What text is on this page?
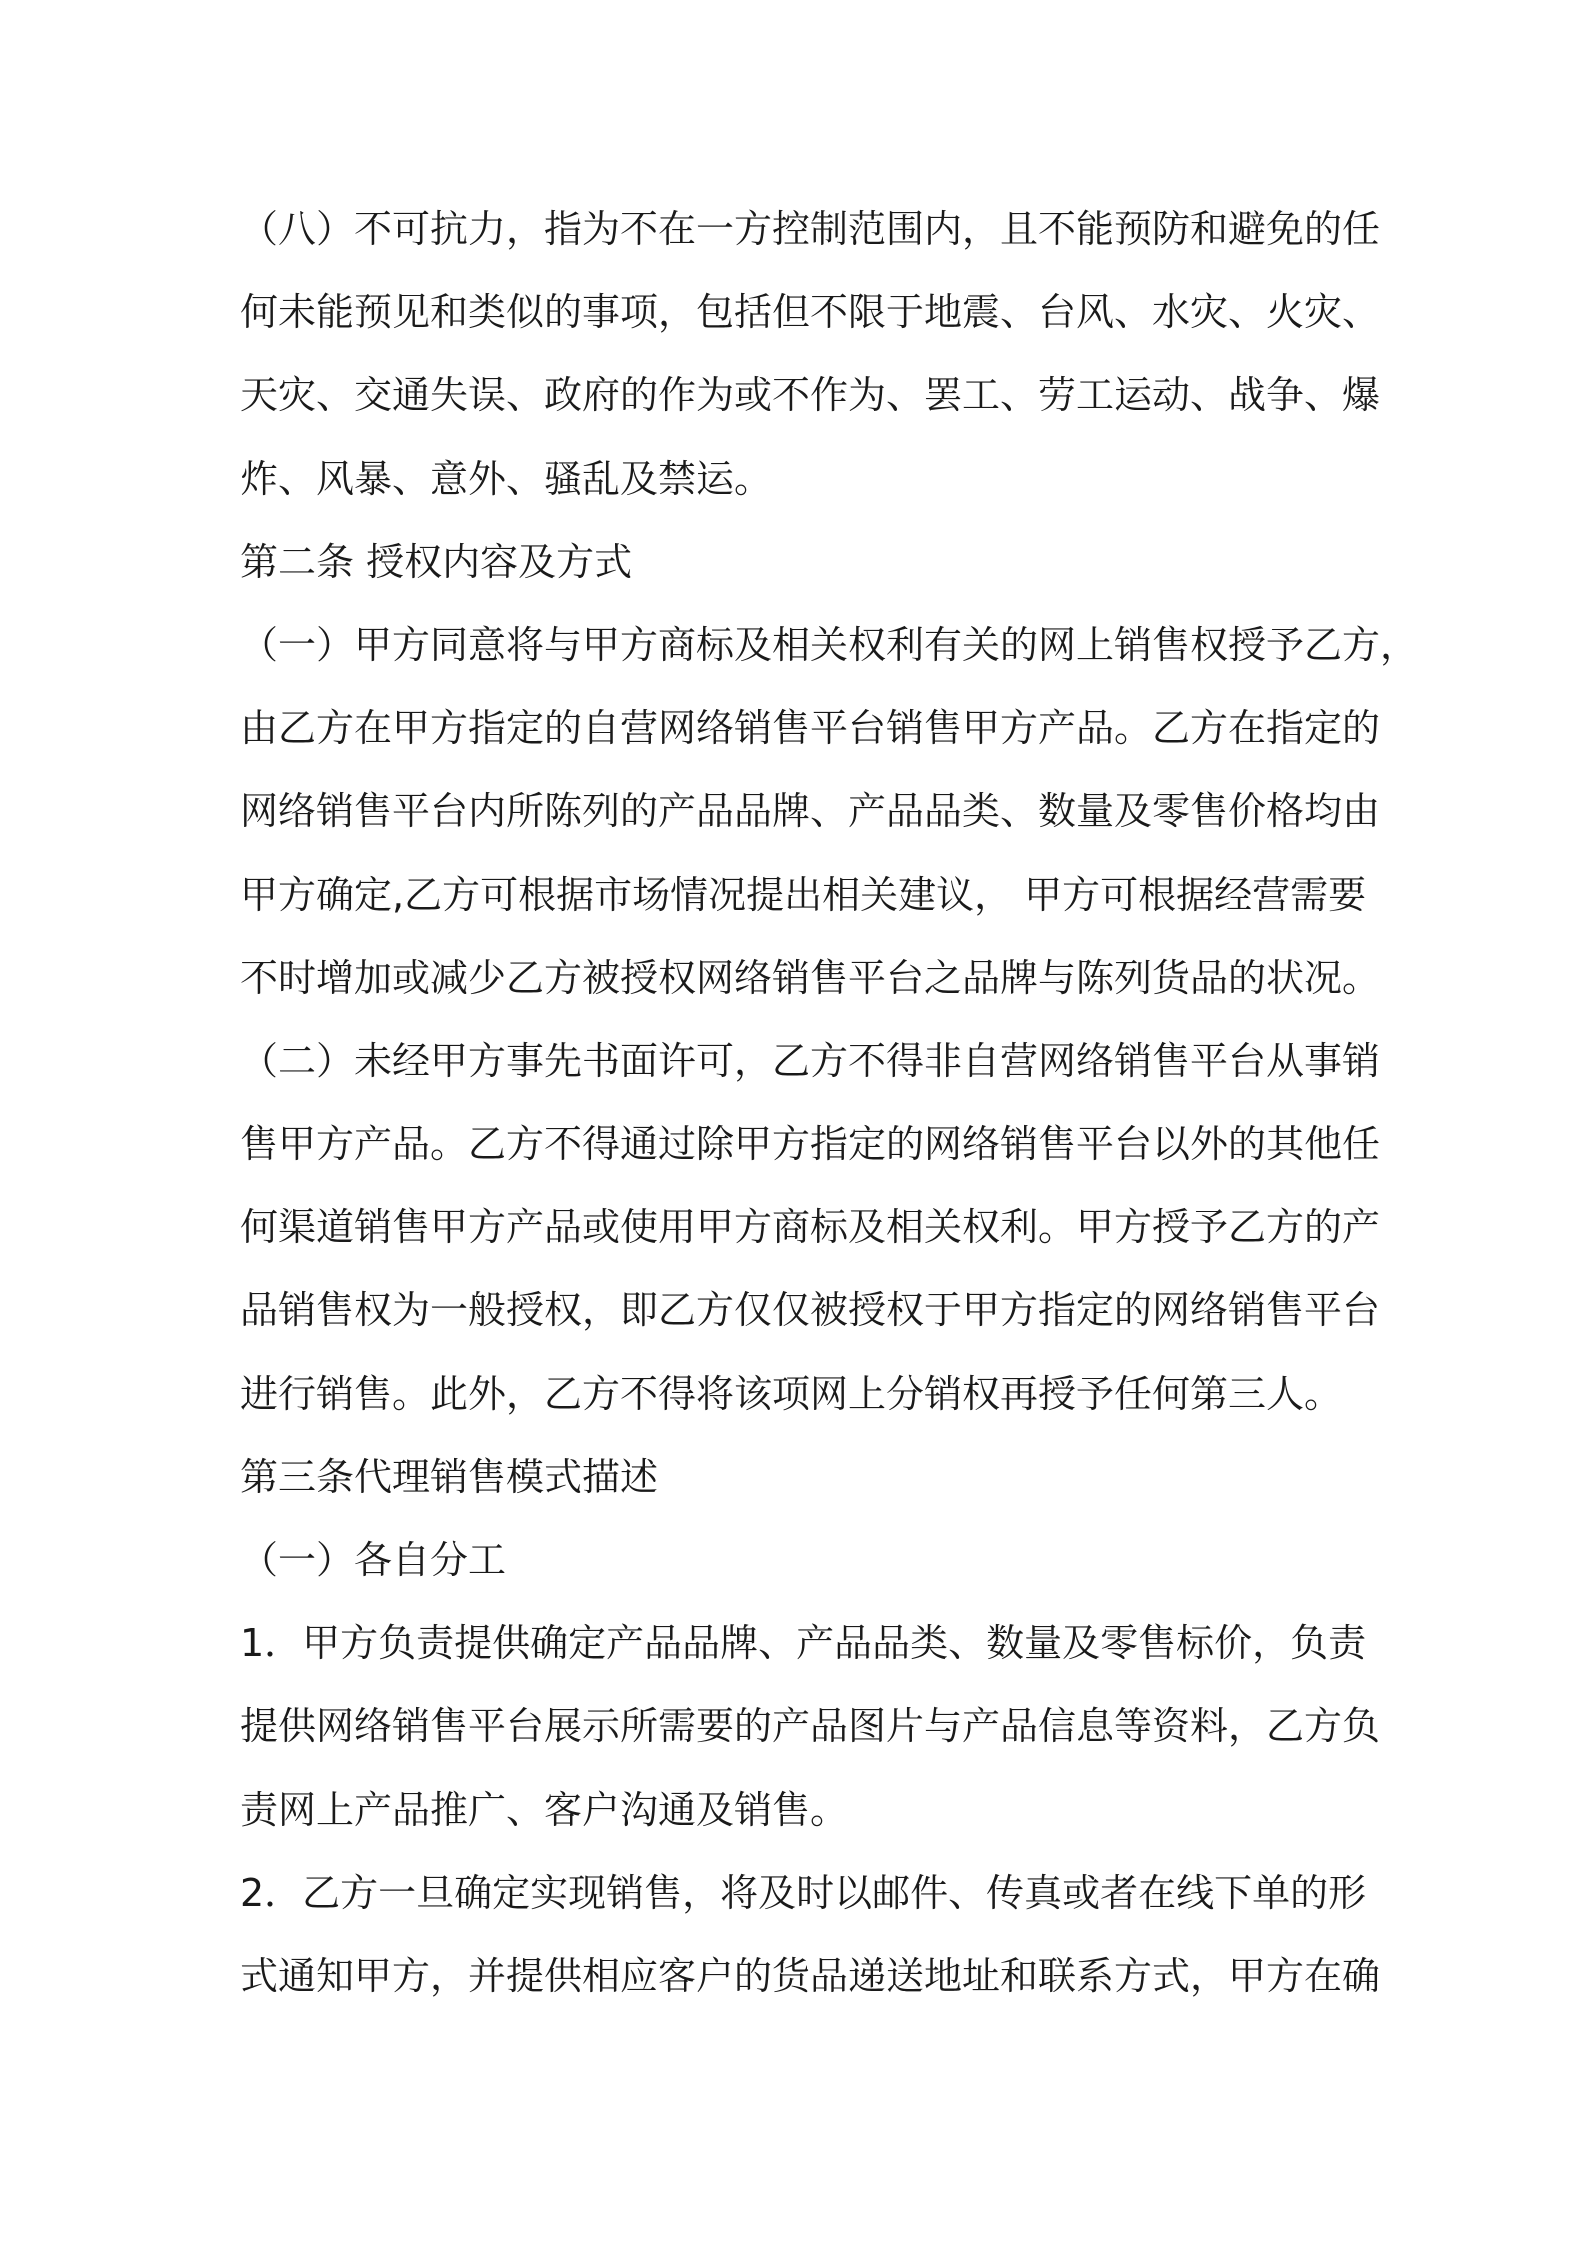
（八）不可抗力，指为不在一方控制范围内，且不能预防和避免的任
何未能预见和类似的事项，包括但不限于地震、台风、水灾、火灾、
天灾、交通失误、政府的作为或不作为、罢工、劳工运动、战争、爆
炸、风暴、意外、骚乱及禁运。
第二条 授权内容及方式
（一）甲方同意将与甲方商标及相关权利有关的网上销售权授予乙方，
由乙方在甲方指定的自营网络销售平台销售甲方产品。乙方在指定的
网络销售平台内所陈列的产品品牌、产品品类、数量及零售价格均由
甲方确定,乙方可根据市场情况提出相关建议， 甲方可根据经营需要
不时增加或减少乙方被授权网络销售平台之品牌与陈列货品的状况。
（二）未经甲方事先书面许可，乙方不得非自营网络销售平台从事销
售甲方产品。乙方不得通过除甲方指定的网络销售平台以外的其他任
何渠道销售甲方产品或使用甲方商标及相关权利。甲方授予乙方的产
品销售权为一般授权，即乙方仅仅被授权于甲方指定的网络销售平台
进行销售。此外，乙方不得将该项网上分销权再授予任何第三人。
第三条代理销售模式描述
（一）各自分工
1．甲方负责提供确定产品品牌、产品品类、数量及零售标价，负责
提供网络销售平台展示所需要的产品图片与产品信息等资料，乙方负
责网上产品推广、客户沟通及销售。
2．乙方一旦确定实现销售，将及时以邮件、传真或者在线下单的形
式通知甲方，并提供相应客户的货品递送地址和联系方式，甲方在确
